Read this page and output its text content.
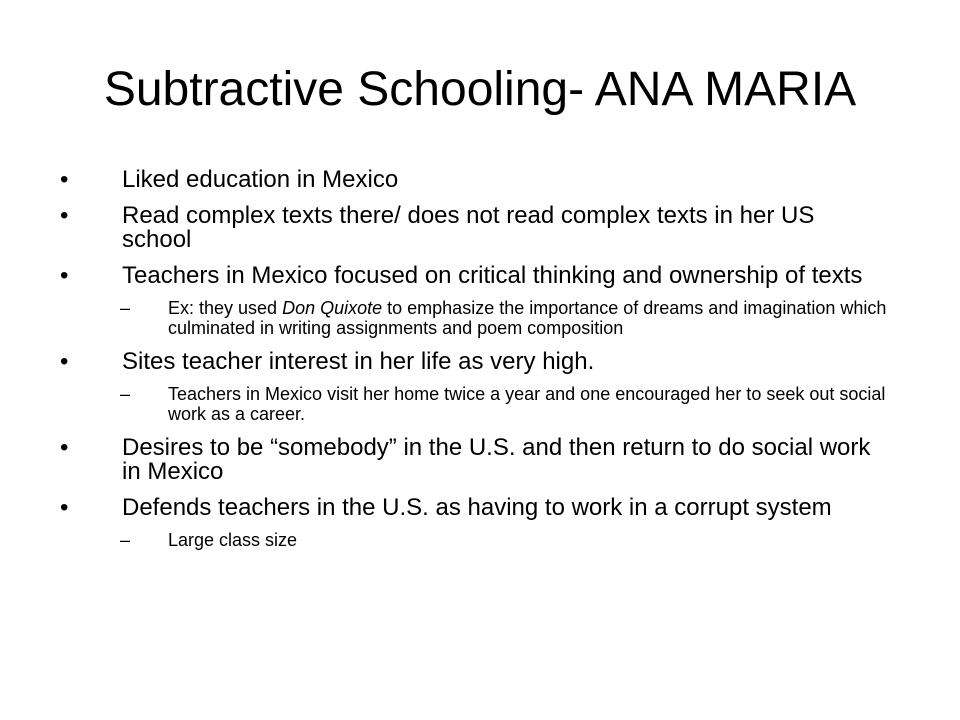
Subtractive Schooling- ANA MARIA
• Liked education in Mexico
• Read complex texts there/ does not read complex texts in her US school
• Teachers in Mexico focused on critical thinking and ownership of texts
– Ex: they used Don Quixote to emphasize the importance of dreams and imagination which culminated in writing assignments and poem composition
• Sites teacher interest in her life as very high.
– Teachers in Mexico visit her home twice a year and one encouraged her to seek out social work as a career.
• Desires to be “somebody” in the U.S. and then return to do social work in Mexico
• Defends teachers in the U.S. as having to work in a corrupt system
– Large class size
